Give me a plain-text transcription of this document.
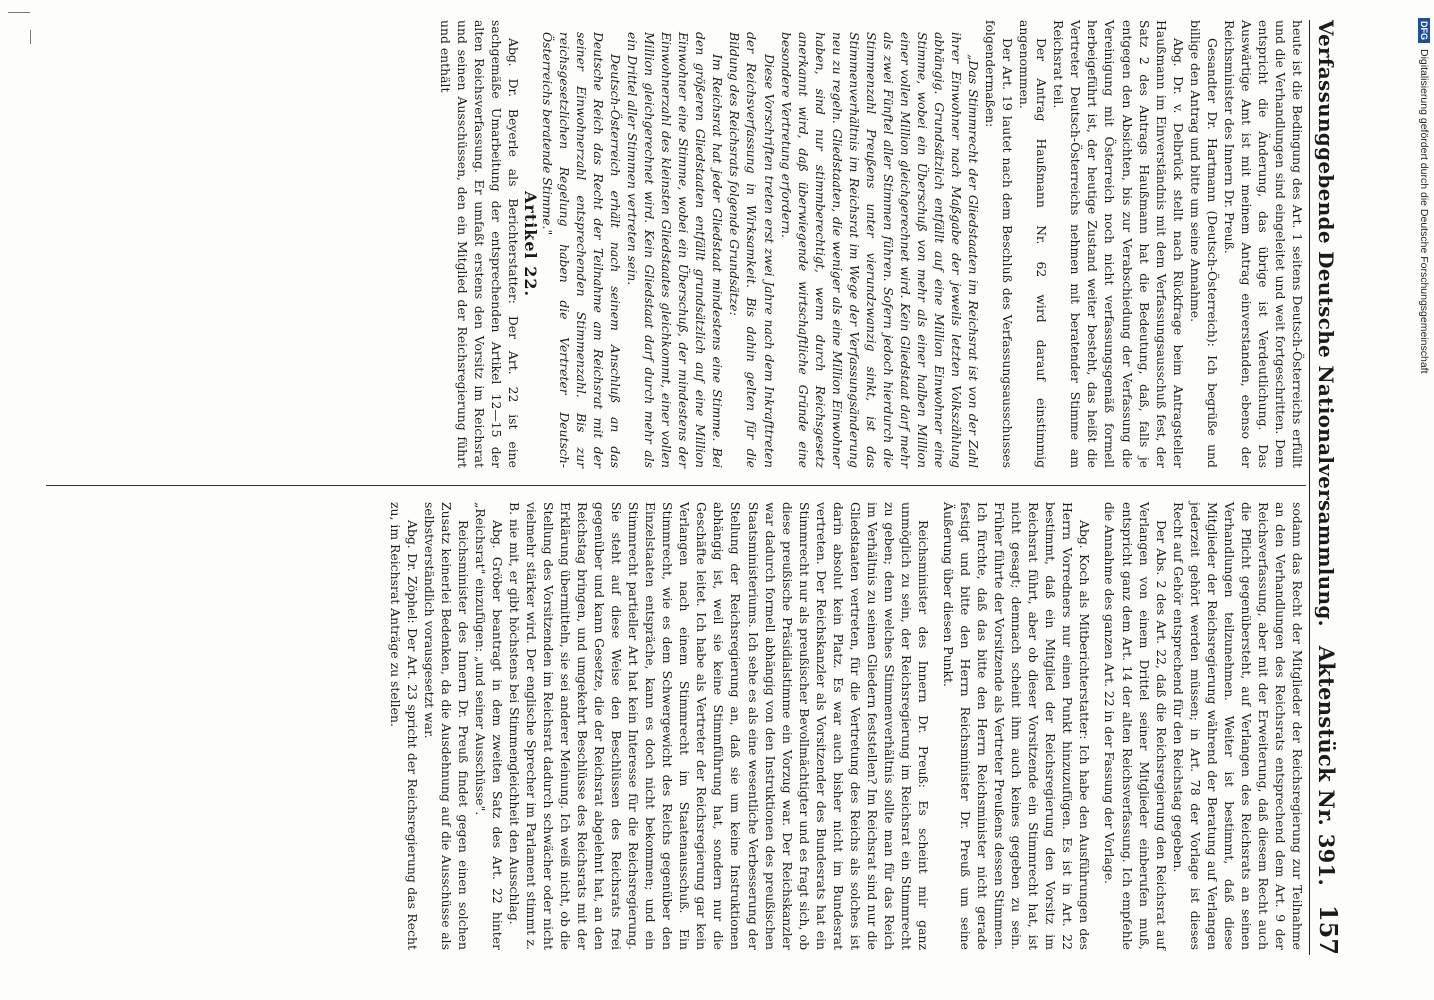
Verfassunggebende Deutsche Nationalversammlung.
Aktenstück Nr. 391.
157

heute ist die Bedingung des Art. 1 seitens Deutsch-Österreichs erfüllt und die Verhandlungen sind eingeleitet und weit fortgeschritten. Dem entspricht die Änderung, das übrige ist Verdeutlichung. Das Auswärtige Amt ist mit meinem Antrag einverstanden, ebenso der Reichsminister des Innern Dr. Preuß.

Gesandter Dr. Hartmann (Deutsch-Österreich): Ich begrüße und billige den Antrag und bitte um seine Annahme.

Abg. Dr. v. Delbrück stellt nach Rückfrage beim Antragsteller Haußmann im Einverständnis mit dem Verfassungsausschuß fest, der Satz 2 des Antrags Haußmann hat die Bedeutung, daß, falls je entgegen den Absichten, bis zur Verabschiedung der Verfassung die Vereinigung mit Österreich noch nicht verfassungsgemäß formell herbeigeführt ist, der heutige Zustand weiter besteht, das heißt die Vertreter Deutsch-Österreichs nehmen mit beratender Stimme am Reichsrat teil.

Der Antrag Haußmann Nr. 62 wird darauf einstimmig angenommen.

Der Art. 19 lautet nach dem Beschluß des Verfassungsausschusses folgendermaßen:

„Das Stimmrecht der Gliedstaaten im Reichsrat ist von der Zahl ihrer Einwohner nach Maßgabe der jeweils letzten Volkszählung abhängig. Grundsätzlich entfällt auf eine Million Einwohner eine Stimme, wobei ein Überschuß von mehr als einer halben Million einer vollen Million gleichgerechnet wird. Kein Gliedstaat darf mehr als zwei Fünftel aller Stimmen führen. Sofern jedoch hierdurch die Stimmenzahl Preußens unter vierundzwanzig sinkt, ist das Stimmenverhältnis im Reichsrat im Wege der Verfassungsänderung neu zu regeln. Gliedstaaten, die weniger als eine Million Einwohner haben, sind nur stimmberechtigt, wenn durch Reichsgesetz anerkannt wird, daß überwiegende wirtschaftliche Gründe eine besondere Vertretung erfordern.

Diese Vorschriften treten erst zwei Jahre nach dem Inkrafttreten der Reichsverfassung in Wirksamkeit. Bis dahin gelten für die Bildung des Reichsrats folgende Grundsätze:

Im Reichsrat hat jeder Gliedstaat mindestens eine Stimme. Bei den größeren Gliedstaaten entfällt grundsätzlich auf eine Million Einwohner eine Stimme, wobei ein Überschuß, der mindestens der Einwohnerzahl des kleinsten Gliedstaates gleichkommt, einer vollen Million gleichgerechnet wird. Kein Gliedstaat darf durch mehr als ein Drittel aller Stimmen vertreten sein.

Deutsch-Österreich erhält nach seinem Anschluß an das Deutsche Reich das Recht der Teilnahme am Reichsrat mit der seiner Einwohnerzahl entsprechenden Stimmenzahl. Bis zur reichsgesetzlichen Regelung haben die Vertreter Deutsch-Österreichs beratende Stimme."

Artikel 22.

Abg. Dr. Beyerle als Berichterstatter: Der Art. 22 ist eine sachgemäße Umarbeitung der entsprechenden Artikel 12—15 der alten Reichsverfassung. Er umfaßt erstens den Vorsitz im Reichsrat und seinen Ausschüssen, den ein Mitglied der Reichsregierung führt und enthält

sodann das Recht der Mitglieder der Reichsregierung zur Teilnahme an den Verhandlungen des Reichsrats entsprechend dem Art. 9 der Reichsverfassung, aber mit der Erweiterung, daß diesem Recht auch die Pflicht gegenübersteht, auf Verlangen des Reichsrats an seinen Verhandlungen teilzunehmen. Weiter ist bestimmt, daß diese Mitglieder der Reichsregierung während der Beratung auf Verlangen jederzeit gehört werden müssen; in Art. 78 der Vorlage ist dieses Recht auf Gehör entsprechend für den Reichstag gegeben.

Der Abs. 2 des Art. 22, daß die Reichsregierung den Reichsrat auf Verlangen von einem Drittel seiner Mitglieder einberufen muß, entspricht ganz dem Art. 14 der alten Reichsverfassung. Ich empfehle die Annahme des ganzen Art. 22 in der Fassung der Vorlage.

Abg. Koch als Mitberichterstatter: Ich habe den Ausführungen des Herrn Vorredners nur einen Punkt hinzuzufügen. Es ist in Art. 22 bestimmt, daß ein Mitglied der Reichsregierung den Vorsitz im Reichsrat führt, aber ob dieser Vorsitzende ein Stimmrecht hat, ist nicht gesagt; demnach scheint ihm auch keines gegeben zu sein. Früher führte der Vorsitzende als Vertreter Preußens dessen Stimmen. Ich fürchte, daß das bitte den Herrn Reichsminister nicht gerade festigt und bitte den Herrn Reichsminister Dr. Preuß um seine Äußerung über diesen Punkt.

Reichsminister des Innern Dr. Preuß: Es scheint mir ganz unmöglich zu sein, der Reichsregierung im Reichsrat ein Stimmrecht zu geben; denn welches Stimmenverhältnis sollte man für das Reich im Verhältnis zu seinen Gliedern feststellen? Im Reichsrat sind nur die Gliedstaaten vertreten, für die Vertretung des Reichs als solches ist darin absolut kein Platz. Es war auch bisher nicht im Bundesrat vertreten. Der Reichskanzler als Vorsitzender des Bundesrats hat ein Stimmrecht nur als preußischer Bevollmächtigter und es fragt sich, ob diese preußische Präsidialstimme ein Vorzug war. Der Reichskanzler war dadurch formell abhängig von den Instruktionen des preußischen Staatsministeriums. Ich sehe es als eine wesentliche Verbesserung der Stellung der Reichsregierung an, daß sie um keine Instruktionen abhängig ist, weil sie keine Stimmführung hat, sondern nur die Geschäfte leitet. Ich habe als Vertreter der Reichsregierung gar kein Verlangen nach einem Stimmrecht im Staatenausschuß. Ein Stimmrecht, wie es dem Schwergewicht des Reichs gegenüber den Einzelstaaten entspräche, kann es doch nicht bekommen; und ein Stimmrecht partieller Art hat kein Interesse für die Reichsregierung. Sie steht auf diese Weise den Beschlüssen des Reichsrats frei gegenüber und kann Gesetze, die der Reichsrat abgelehnt hat, an den Reichstag bringen, und umgekehrt Beschlüsse des Reichsrats mit der Erklärung übermitteln, sie sei anderer Meinung. Ich weiß nicht, ob die Stellung des Vorsitzenden im Reichsrat dadurch schwächer oder nicht vielmehr stärker wird. Der englische Sprecher im Parlament stimmt z. B. nie mit, er gibt höchstens bei Stimmengleichheit den Ausschlag.

Abg. Gröber beantragt in dem zweiten Satz des Art. 22 hinter „Reichsrat" einzufügen: „und seiner Ausschüsse".

Reichsminister des Innern Dr. Preuß findet gegen einen solchen Zusatz keinerlei Bedenken, da die Ausdehnung auf die Ausschüsse als selbstverständlich vorausgesetzt war.

Abg. Dr. Zöphel: Der Art. 23 spricht der Reichsregierung das Recht zu, im Reichsrat Anträge zu stellen.

DFG
Digitalisierung gefördert durch die Deutsche Forschungsgemeinschaft
